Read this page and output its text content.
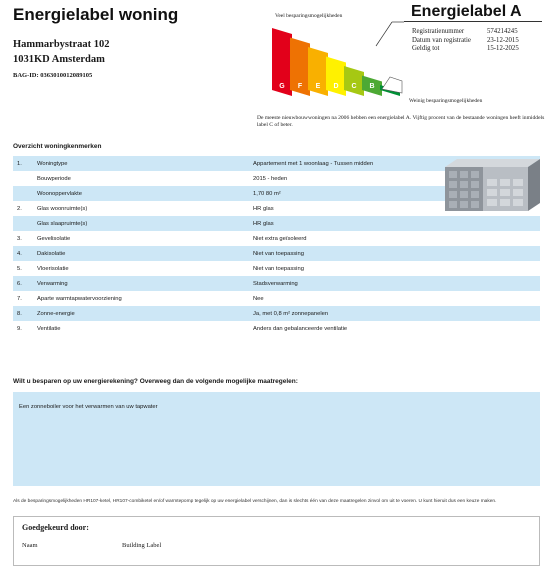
Energielabel woning
Hammarbystraat 102
1031KD Amsterdam
BAG-ID: 0363010012089105
Veel besparingsmogelijkheden
G F E D C B
Energielabel A
Registratienummer	574214245
Datum van registratie	23-12-2015
Geldig tot	15-12-2025
Weinig besparingsmogelijkheden
De meeste nieuwbouwwoningen na 2006 hebben een energielabel A. Vijftig procent van de bestaande woningen heeft inmiddels label C of beter.
Overzicht woningkenmerken
1.	Woningtype	Appartement met 1 woonlaag - Tussen midden
Bouwperiode	2015 - heden
Woonoppervlakte	1,70 80 m²
2.	Glas woonruimte(s)	HR glas
Glas slaapruimte(s)	HR glas
3.	Gevelisolatie	Niet extra geïsoleerd
4.	Dakisolatie	Niet van toepassing
5.	Vloerisolatie	Niet van toepassing
6.	Verwarming	Stadsverwarming
7.	Aparte warmtapwatervoorziening	Nee
8.	Zonne-energie	Ja, met 0,8 m² zonnepanelen
9.	Ventilatie	Anders dan gebalanceerde ventilatie
Wilt u besparen op uw energierekening? Overweeg dan de volgende mogelijke maatregelen:
Een zonneboiler voor het verwarmen van uw tapwater
Als de besparingsmogelijkheden HR107-ketel, HR107-combiketel en/of warmtepomp tegelijk op uw energielabel verschijnen, dan is slechts één van deze maatregelen zinvol om uit te voeren. U kunt hieruit dus een keuze maken.
Goedgekeurd door:
Naam	Building Label
